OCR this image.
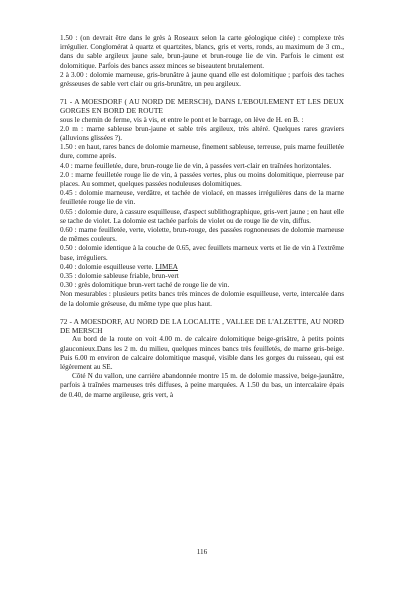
1.50 : (on devrait être dans le grès à Roseaux selon la carte géologique citée) : complexe très irrégulier. Conglomérat à quartz et quartzites, blancs, gris et verts, ronds, au maximum de 3 cm., dans du sable argileux jaune sale, brun-jaune et brun-rouge lie de vin. Parfois le ciment est dolomitique. Parfois des bancs assez minces se biseautent brutalement.

2 à 3.00 : dolomie marneuse, gris-brunâtre à jaune quand elle est dolomitique ; parfois des taches grésseuses de sable vert clair ou gris-brunâtre, un peu argileux.

71 - A MOESDORF ( AU NORD DE MERSCH), DANS L'EBOULEMENT ET LES DEUX GORGES EN BORD DE ROUTE

sous le chemin de ferme, vis à vis, et entre le pont et le barrage, on lève de H. en B. :

2.0 m : marne sableuse brun-jaune et sable très argileux, très altéré. Quelques rares graviers (alluvions glissées ?).

1.50 : en haut, rares bancs de dolomie marneuse, finement sableuse, terreuse, puis marne feuilletée dure, comme après.

4.0 : marne feuilletée, dure, brun-rouge lie de vin, à passées vert-clair en traînées horizontales.

2.0 : marne feuilletée rouge lie de vin, à passées vertes, plus ou moins dolomitique, pierreuse par places. Au sommet, quelques passées noduleuses dolomitiques.

0.45 : dolomie marneuse, verdâtre, et tachée de violacé, en masses irrégulières dans de la marne feuilletée rouge lie de vin.

0.65 : dolomie dure, à cassure esquilleuse, d'aspect sublithographique, gris-vert jaune ; en haut elle se tache de violet. La dolomie est tachée parfois de violet ou de rouge lie de vin, diffus.

0.60 : marne feuilletée, verte, violette, brun-rouge, des passées rognoneuses de dolomie marneuse de mêmes couleurs.

0.50 : dolomie identique à la couche de 0.65, avec feuillets marneux verts et lie de vin à l'extrême base, irréguliers.

0.40 : dolomie esquilleuse verte. LIMEA

0.35 : dolomie sableuse friable, brun-vert

0.30 : grès dolomitique brun-vert taché de rouge lie de vin.

Non mesurables : plusieurs petits bancs très minces de dolomie esquilleuse, verte, intercalée dans de la dolomie gréseuse, du même type que plus haut.

72 - A MOESDORF, AU NORD DE LA LOCALITE , VALLEE DE L'ALZETTE, AU NORD DE MERSCH

Au bord de la route on voit 4.00 m. de calcaire dolomitique beige-grisâtre, à petits points glauconieux.Dans les 2 m. du milieu, quelques minces bancs très feuilletés, de marne gris-beige. Puis 6.00 m environ de calcaire dolomitique masqué, visible dans les gorges du ruisseau, qui est légèrement au SE.

Côté N du vallon, une carrière abandonnée montre 15 m. de dolomie massive, beige-jaunâtre, parfois à traînées marneuses très diffuses, à peine marquées. A 1.50 du bas, un intercalaire épais de 0.40, de marne argileuse, gris vert, à

116
